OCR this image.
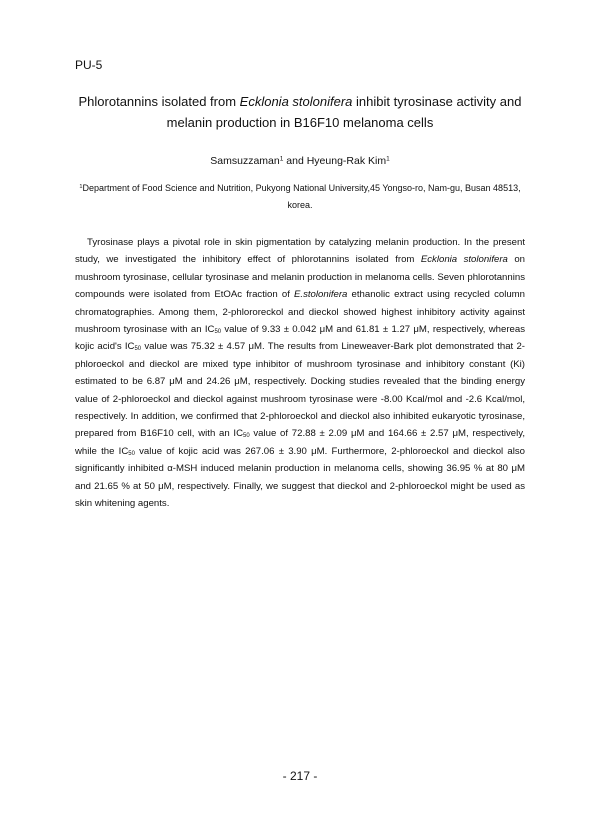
PU-5
Phlorotannins isolated from Ecklonia stolonifera inhibit tyrosinase activity and
melanin production in B16F10 melanoma cells
Samsuzzaman$^1$ and Hyeung-Rak Kim$^1$
$^1$Department of Food Science and Nutrition, Pukyong National University,45 Yongso-ro, Nam-gu, Busan 48513, korea.

Tyrosinase plays a pivotal role in skin pigmentation by catalyzing melanin production. In the present study, we investigated the inhibitory effect of phlorotannins isolated from Ecklonia stolonifera on mushroom tyrosinase, cellular tyrosinase and melanin production in melanoma cells. Seven phlorotannins compounds were isolated from EtOAc fraction of E.stolonifera ethanolic extract using recycled column chromatographies. Among them, 2-phlororeckol and dieckol showed highest inhibitory activity against mushroom tyrosinase with an $IC_{50}$ value of 9.33 ± 0.042 μM and 61.81 ± 1.27 μM, respectively, whereas kojic acid's $IC_{50}$ value was 75.32 ± 4.57 μM. The results from Lineweaver-Bark plot demonstrated that 2-phloroeckol and dieckol are mixed type inhibitor of mushroom tyrosinase and inhibitory constant (Ki) estimated to be 6.87 μM and 24.26 μM, respectively. Docking studies revealed that the binding energy value of 2-phloroeckol and dieckol against mushroom tyrosinase were -8.00 Kcal/mol and -2.6 Kcal/mol, respectively. In addition, we confirmed that 2-phloroeckol and dieckol also inhibited eukaryotic tyrosinase, prepared from B16F10 cell, with an $IC_{50}$ value of 72.88 ± 2.09 μM and 164.66 ± 2.57 μM, respectively, while the $IC_{50}$ value of kojic acid was 267.06 ± 3.90 μM. Furthermore, 2-phloroeckol and dieckol also significantly inhibited α-MSH induced melanin production in melanoma cells, showing 36.95 % at 80 μM and 21.65 % at 50 μM, respectively. Finally, we suggest that dieckol and 2-phloroeckol might be used as skin whitening agents.

- 217 -
